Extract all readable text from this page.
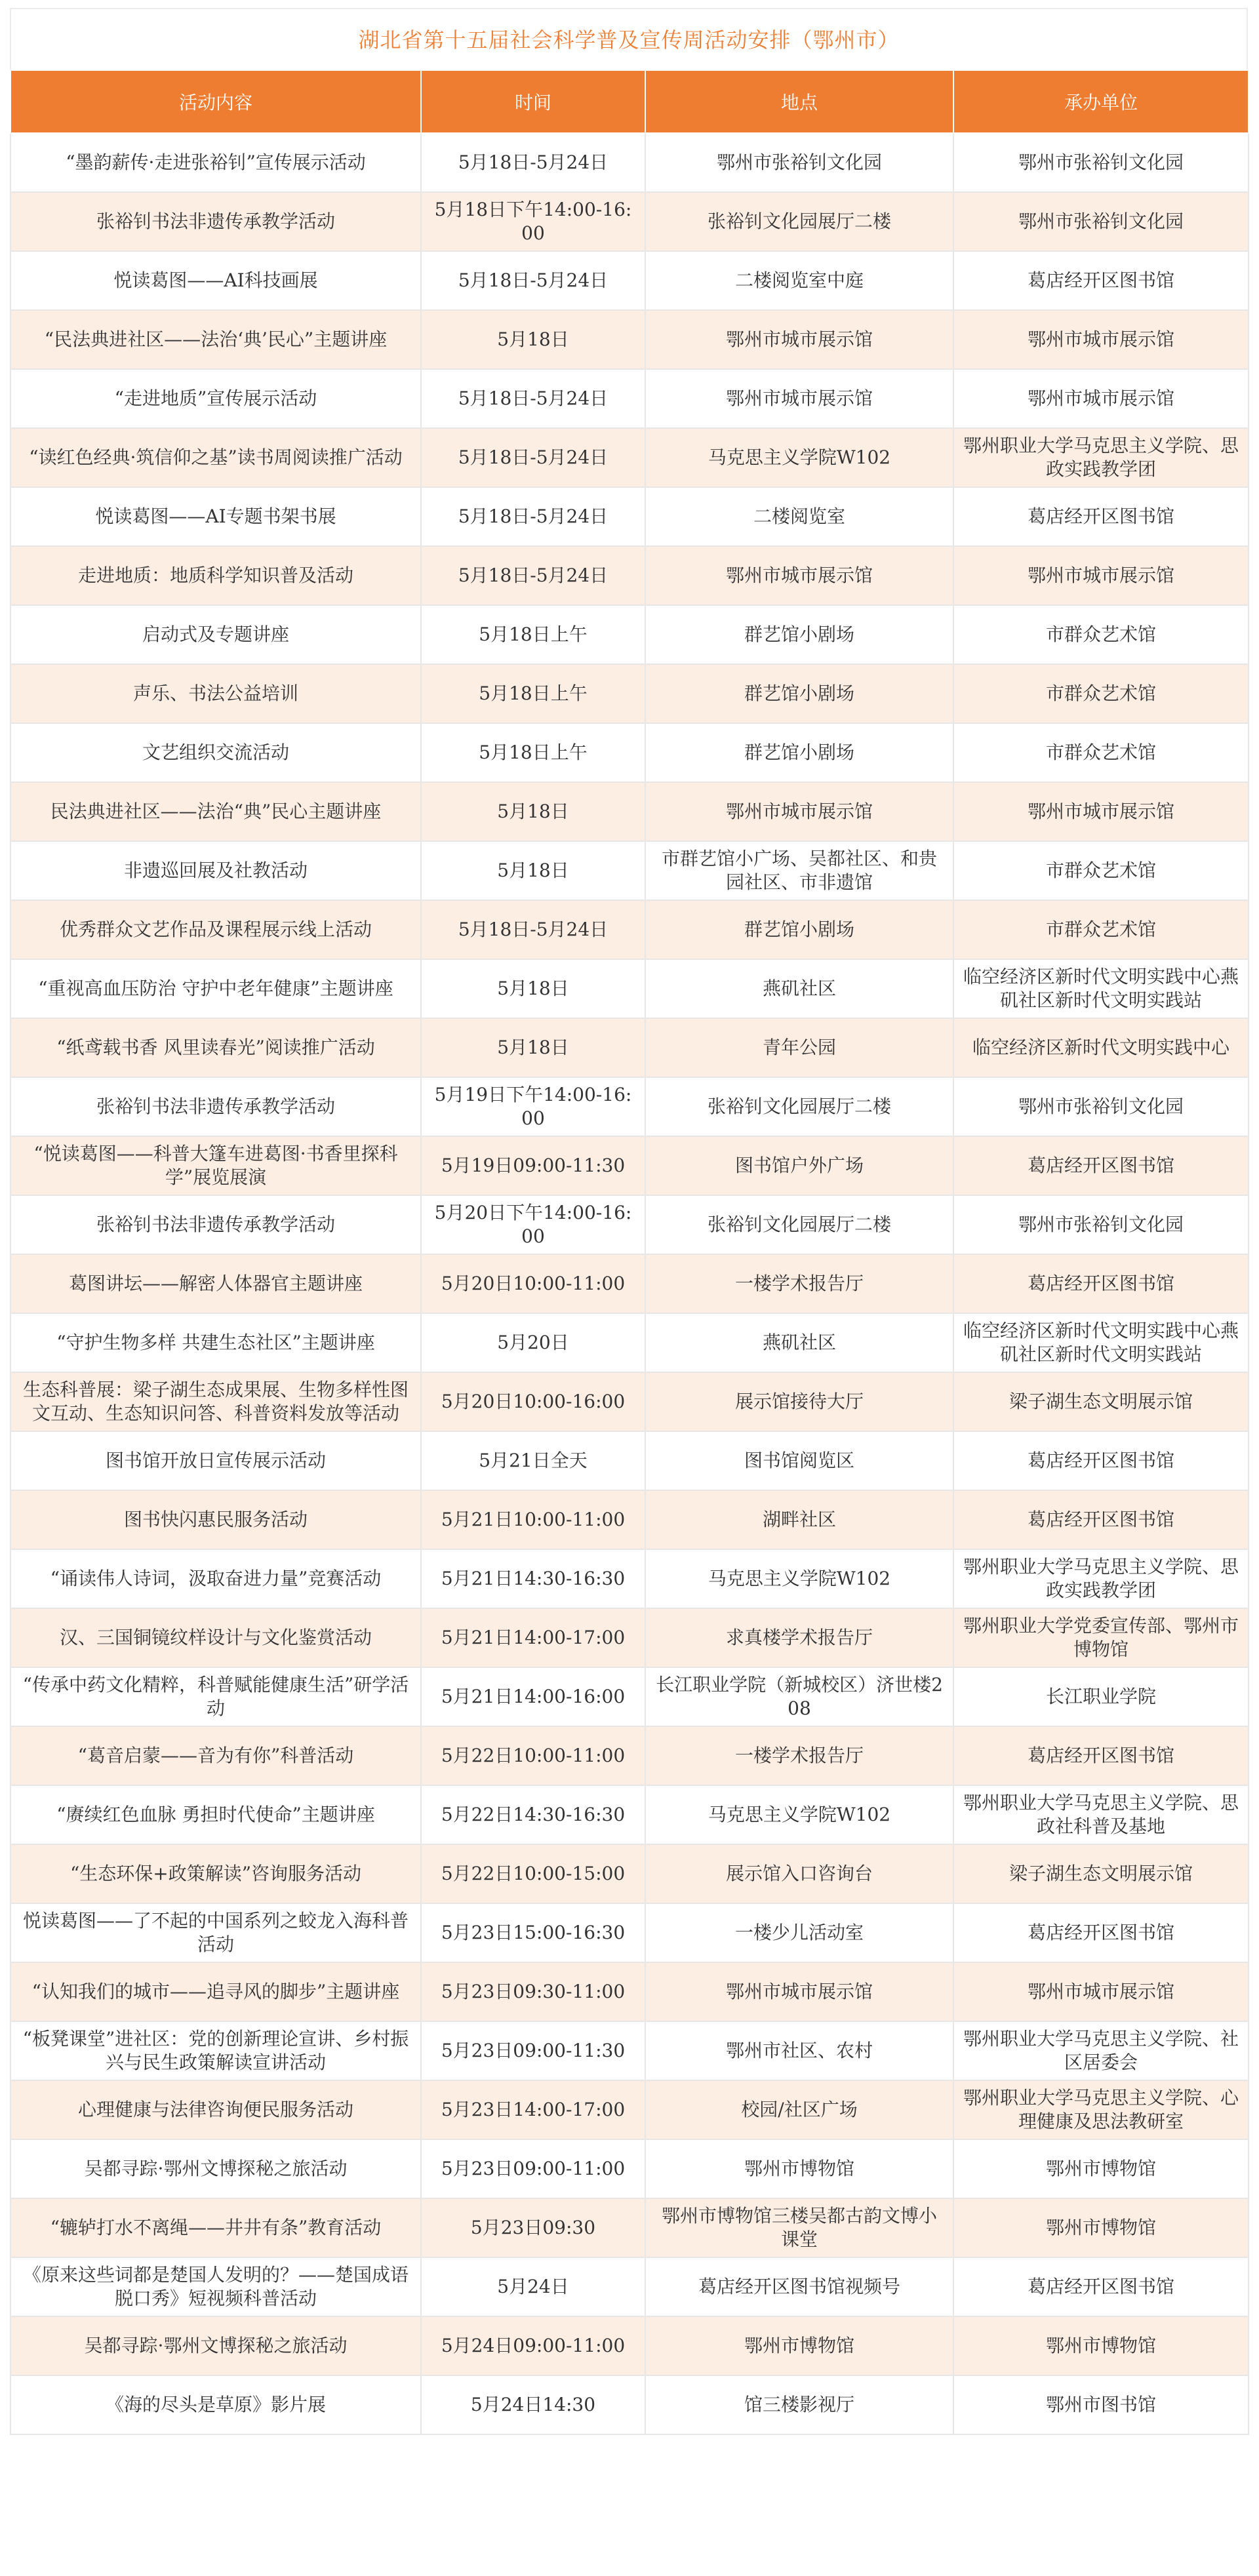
湖北省第十五届社会科学普及宣传周活动安排（鄂州市）
活动内容	时间	地点	承办单位
“墨韵薪传·走进张裕钊”宣传展示活动	5月18日-5月24日	鄂州市张裕钊文化园	鄂州市张裕钊文化园
张裕钊书法非遗传承教学活动	5月18日下午14:00-16:00	张裕钊文化园展厅二楼	鄂州市张裕钊文化园
悦读葛图——AI科技画展	5月18日-5月24日	二楼阅览室中庭	葛店经开区图书馆
“民法典进社区——法治‘典’民心”主题讲座	5月18日	鄂州市城市展示馆	鄂州市城市展示馆
“走进地质”宣传展示活动	5月18日-5月24日	鄂州市城市展示馆	鄂州市城市展示馆
“读红色经典·筑信仰之基”读书周阅读推广活动	5月18日-5月24日	马克思主义学院W102	鄂州职业大学马克思主义学院、思政实践教学团
悦读葛图——AI专题书架书展	5月18日-5月24日	二楼阅览室	葛店经开区图书馆
走进地质：地质科学知识普及活动	5月18日-5月24日	鄂州市城市展示馆	鄂州市城市展示馆
启动式及专题讲座	5月18日上午	群艺馆小剧场	市群众艺术馆
声乐、书法公益培训	5月18日上午	群艺馆小剧场	市群众艺术馆
文艺组织交流活动	5月18日上午	群艺馆小剧场	市群众艺术馆
民法典进社区——法治“典”民心主题讲座	5月18日	鄂州市城市展示馆	鄂州市城市展示馆
非遗巡回展及社教活动	5月18日	市群艺馆小广场、吴都社区、和贵园社区、市非遗馆	市群众艺术馆
优秀群众文艺作品及课程展示线上活动	5月18日-5月24日	群艺馆小剧场	市群众艺术馆
“重视高血压防治 守护中老年健康”主题讲座	5月18日	燕矶社区	临空经济区新时代文明实践中心燕矶社区新时代文明实践站
“纸鸢载书香 风里读春光”阅读推广活动	5月18日	青年公园	临空经济区新时代文明实践中心
张裕钊书法非遗传承教学活动	5月19日下午14:00-16:00	张裕钊文化园展厅二楼	鄂州市张裕钊文化园
“悦读葛图——科普大篷车进葛图·书香里探科学”展览展演	5月19日09:00-11:30	图书馆户外广场	葛店经开区图书馆
张裕钊书法非遗传承教学活动	5月20日下午14:00-16:00	张裕钊文化园展厅二楼	鄂州市张裕钊文化园
葛图讲坛——解密人体器官主题讲座	5月20日10:00-11:00	一楼学术报告厅	葛店经开区图书馆
“守护生物多样 共建生态社区”主题讲座	5月20日	燕矶社区	临空经济区新时代文明实践中心燕矶社区新时代文明实践站
生态科普展：梁子湖生态成果展、生物多样性图文互动、生态知识问答、科普资料发放等活动	5月20日10:00-16:00	展示馆接待大厅	梁子湖生态文明展示馆
图书馆开放日宣传展示活动	5月21日全天	图书馆阅览区	葛店经开区图书馆
图书快闪惠民服务活动	5月21日10:00-11:00	湖畔社区	葛店经开区图书馆
“诵读伟人诗词，汲取奋进力量”竞赛活动	5月21日14:30-16:30	马克思主义学院W102	鄂州职业大学马克思主义学院、思政实践教学团
汉、三国铜镜纹样设计与文化鉴赏活动	5月21日14:00-17:00	求真楼学术报告厅	鄂州职业大学党委宣传部、鄂州市博物馆
“传承中药文化精粹，科普赋能健康生活”研学活动	5月21日14:00-16:00	长江职业学院（新城校区）济世楼208	长江职业学院
“葛音启蒙——音为有你”科普活动	5月22日10:00-11:00	一楼学术报告厅	葛店经开区图书馆
“赓续红色血脉 勇担时代使命”主题讲座	5月22日14:30-16:30	马克思主义学院W102	鄂州职业大学马克思主义学院、思政社科普及基地
“生态环保+政策解读”咨询服务活动	5月22日10:00-15:00	展示馆入口咨询台	梁子湖生态文明展示馆
悦读葛图——了不起的中国系列之蛟龙入海科普活动	5月23日15:00-16:30	一楼少儿活动室	葛店经开区图书馆
“认知我们的城市——追寻风的脚步”主题讲座	5月23日09:30-11:00	鄂州市城市展示馆	鄂州市城市展示馆
“板凳课堂”进社区：党的创新理论宣讲、乡村振兴与民生政策解读宣讲活动	5月23日09:00-11:30	鄂州市社区、农村	鄂州职业大学马克思主义学院、社区居委会
心理健康与法律咨询便民服务活动	5月23日14:00-17:00	校园/社区广场	鄂州职业大学马克思主义学院、心理健康及思法教研室
吴都寻踪·鄂州文博探秘之旅活动	5月23日09:00-11:00	鄂州市博物馆	鄂州市博物馆
“辘轳打水不离绳——井井有条”教育活动	5月23日09:30	鄂州市博物馆三楼吴都古韵文博小课堂	鄂州市博物馆
《原来这些词都是楚国人发明的？——楚国成语脱口秀》短视频科普活动	5月24日	葛店经开区图书馆视频号	葛店经开区图书馆
吴都寻踪·鄂州文博探秘之旅活动	5月24日09:00-11:00	鄂州市博物馆	鄂州市博物馆
《海的尽头是草原》影片展	5月24日14:30	馆三楼影视厅	鄂州市图书馆
